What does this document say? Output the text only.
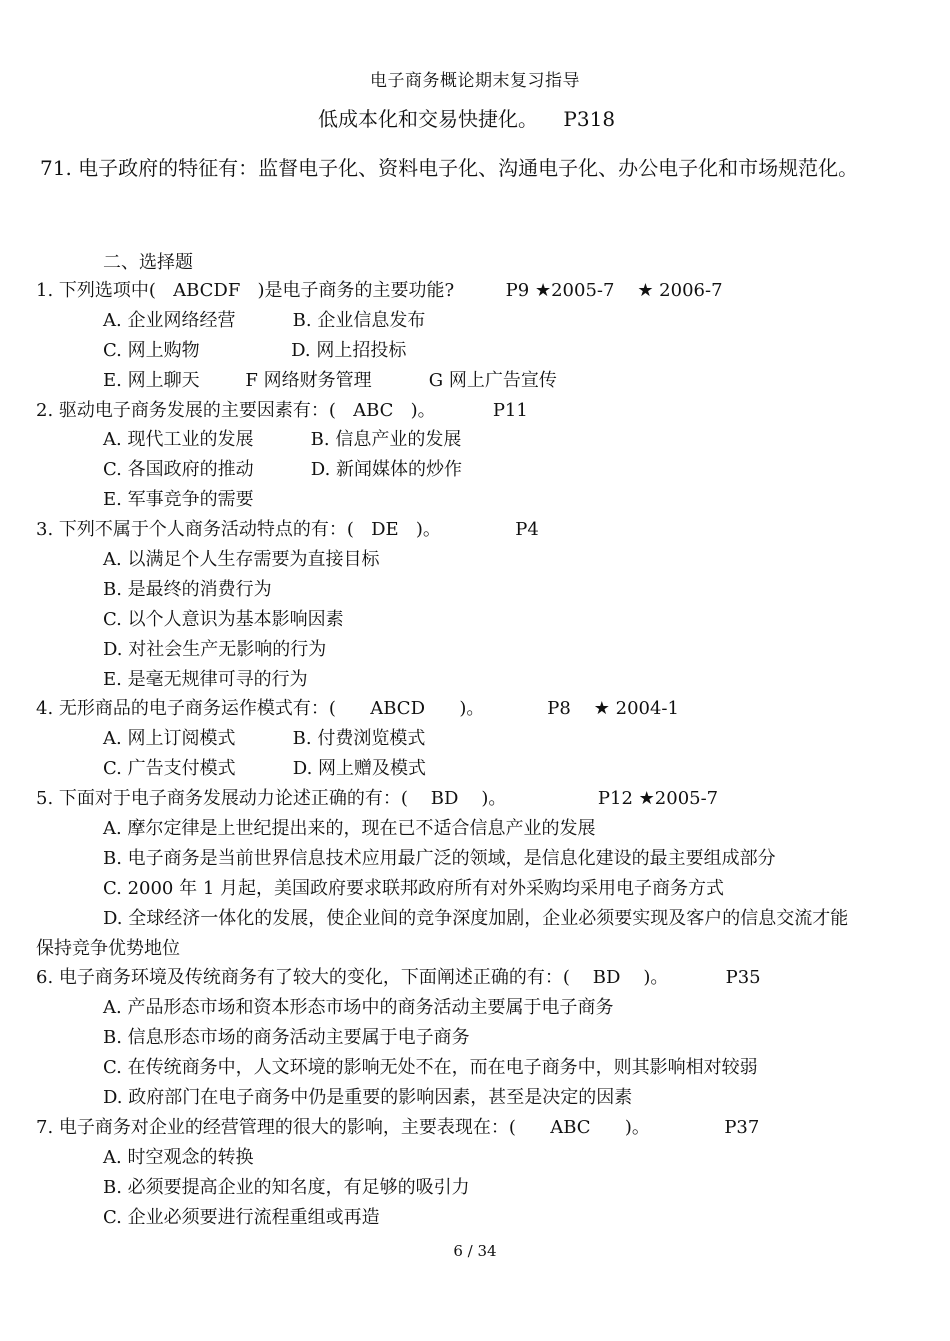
电子商务概论期末复习指导
低成本化和交易快捷化。    P318
71. 电子政府的特征有：监督电子化、资料电子化、沟通电子化、办公电子化和市场规范化。
二、选择题
1. 下列选项中(   ABCDF   )是电子商务的主要功能?         P9 ★2005-7    ★ 2006-7
A. 企业网络经营          B. 企业信息发布
C. 网上购物                D. 网上招投标
E. 网上聊天        F 网络财务管理          G 网上广告宣传
2. 驱动电子商务发展的主要因素有：(   ABC   )。          P11
A. 现代工业的发展          B. 信息产业的发展
C. 各国政府的推动          D. 新闻媒体的炒作
E. 军事竞争的需要
3. 下列不属于个人商务活动特点的有：(   DE   )。             P4
A. 以满足个人生存需要为直接目标
B. 是最终的消费行为
C. 以个人意识为基本影响因素
D. 对社会生产无影响的行为
E. 是毫无规律可寻的行为
4. 无形商品的电子商务运作模式有：(      ABCD      )。           P8    ★ 2004-1
A. 网上订阅模式          B. 付费浏览模式
C. 广告支付模式          D. 网上赠及模式
5. 下面对于电子商务发展动力论述正确的有：(    BD    )。                P12 ★2005-7
A. 摩尔定律是上世纪提出来的，现在已不适合信息产业的发展
B. 电子商务是当前世界信息技术应用最广泛的领域，是信息化建设的最主要组成部分
C. 2000 年 1 月起，美国政府要求联邦政府所有对外采购均采用电子商务方式
D. 全球经济一体化的发展，使企业间的竞争深度加剧，企业必须要实现及客户的信息交流才能
保持竞争优势地位
6. 电子商务环境及传统商务有了较大的变化，下面阐述正确的有：(    BD    )。          P35
A. 产品形态市场和资本形态市场中的商务活动主要属于电子商务
B. 信息形态市场的商务活动主要属于电子商务
C. 在传统商务中，人文环境的影响无处不在，而在电子商务中，则其影响相对较弱
D. 政府部门在电子商务中仍是重要的影响因素，甚至是决定的因素
7. 电子商务对企业的经营管理的很大的影响，主要表现在：(      ABC      )。             P37
A. 时空观念的转换
B. 必须要提高企业的知名度，有足够的吸引力
C. 企业必须要进行流程重组或再造
6 / 34
